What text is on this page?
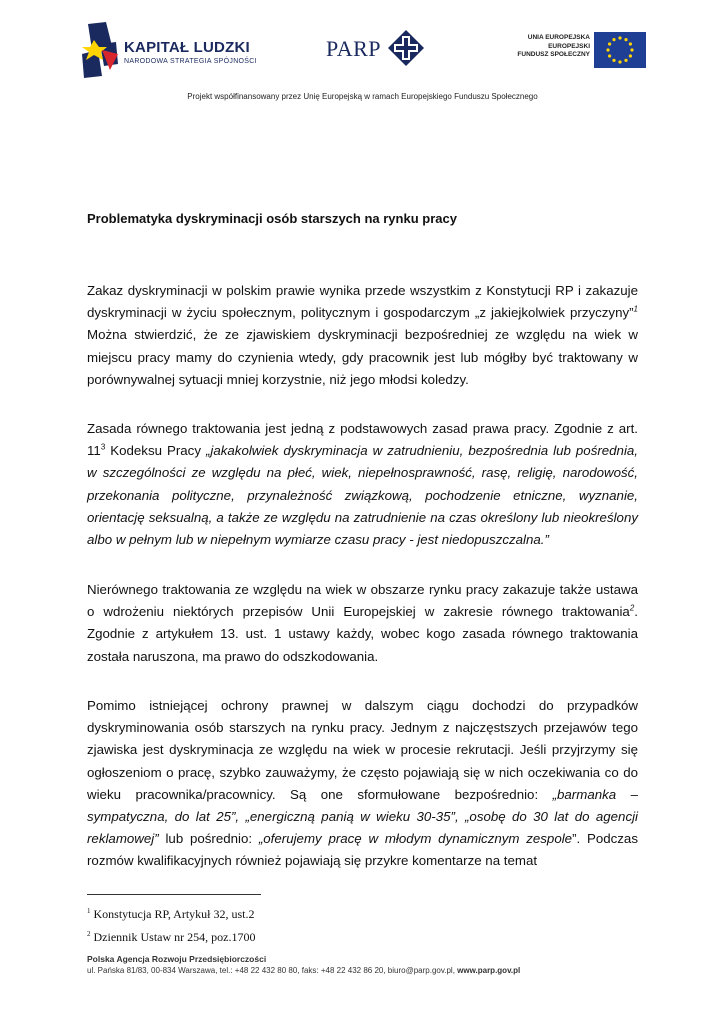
KAPITAŁ LUDZKI
NARODOWA STRATEGIA SPÓJNOŚCI
PARP	UNIA EUROPEJSKA
EUROPEJSKI
FUNDUSZ SPOŁECZNY
Projekt współfinansowany przez Unię Europejską w ramach Europejskiego Funduszu Społecznego
Problematyka dyskryminacji osób starszych na rynku pracy

Zakaz dyskryminacji w polskim prawie wynika przede wszystkim z Konstytucji RP i zakazuje dyskryminacji w życiu społecznym, politycznym i gospodarczym „z jakiejkolwiek przyczyny”$^1$ Można stwierdzić, że ze zjawiskiem dyskryminacji bezpośredniej ze względu na wiek w miejscu pracy mamy do czynienia wtedy, gdy pracownik jest lub mógłby być traktowany w porównywalnej sytuacji mniej korzystnie, niż jego młodsi koledzy.

Zasada równego traktowania jest jedną z podstawowych zasad prawa pracy. Zgodnie z art. $11^3$ Kodeksu Pracy „jakakolwiek dyskryminacja w zatrudnieniu, bezpośrednia lub pośrednia, w szczególności ze względu na płeć, wiek, niepełnosprawność, rasę, religię, narodowość, przekonania polityczne, przynależność związkową, pochodzenie etniczne, wyznanie, orientację seksualną, a także ze względu na zatrudnienie na czas określony lub nieokreślony albo w pełnym lub w niepełnym wymiarze czasu pracy - jest niedopuszczalna.”

Nierównego traktowania ze względu na wiek w obszarze rynku pracy zakazuje także ustawa o wdrożeniu niektórych przepisów Unii Europejskiej w zakresie równego traktowania$^2$. Zgodnie z artykułem 13. ust. 1 ustawy każdy, wobec kogo zasada równego traktowania została naruszona, ma prawo do odszkodowania.

Pomimo istniejącej ochrony prawnej w dalszym ciągu dochodzi do przypadków dyskryminowania osób starszych na rynku pracy. Jednym z najczęstszych przejawów tego zjawiska jest dyskryminacja ze względu na wiek w procesie rekrutacji. Jeśli przyjrzymy się ogłoszeniom o pracę, szybko zauważymy, że często pojawiają się w nich oczekiwania co do wieku pracownika/pracownicy. Są one sformułowane bezpośrednio: „barmanka – sympatyczna, do lat 25”, „energiczną panią w wieku 30-35”, „osobę do 30 lat do agencji reklamowej” lub pośrednio: „oferujemy pracę w młodym dynamicznym zespole”. Podczas rozmów kwalifikacyjnych również pojawiają się przykre komentarze na temat

$^1$ Konstytucja RP, Artykuł 32, ust.2

$^2$ Dziennik Ustaw nr 254, poz.1700

Polska Agencja Rozwoju Przedsiębiorczości
ul. Pańska 81/83, 00-834 Warszawa, tel.: +48 22 432 80 80, faks: +48 22 432 86 20, biuro@parp.gov.pl, www.parp.gov.pl
